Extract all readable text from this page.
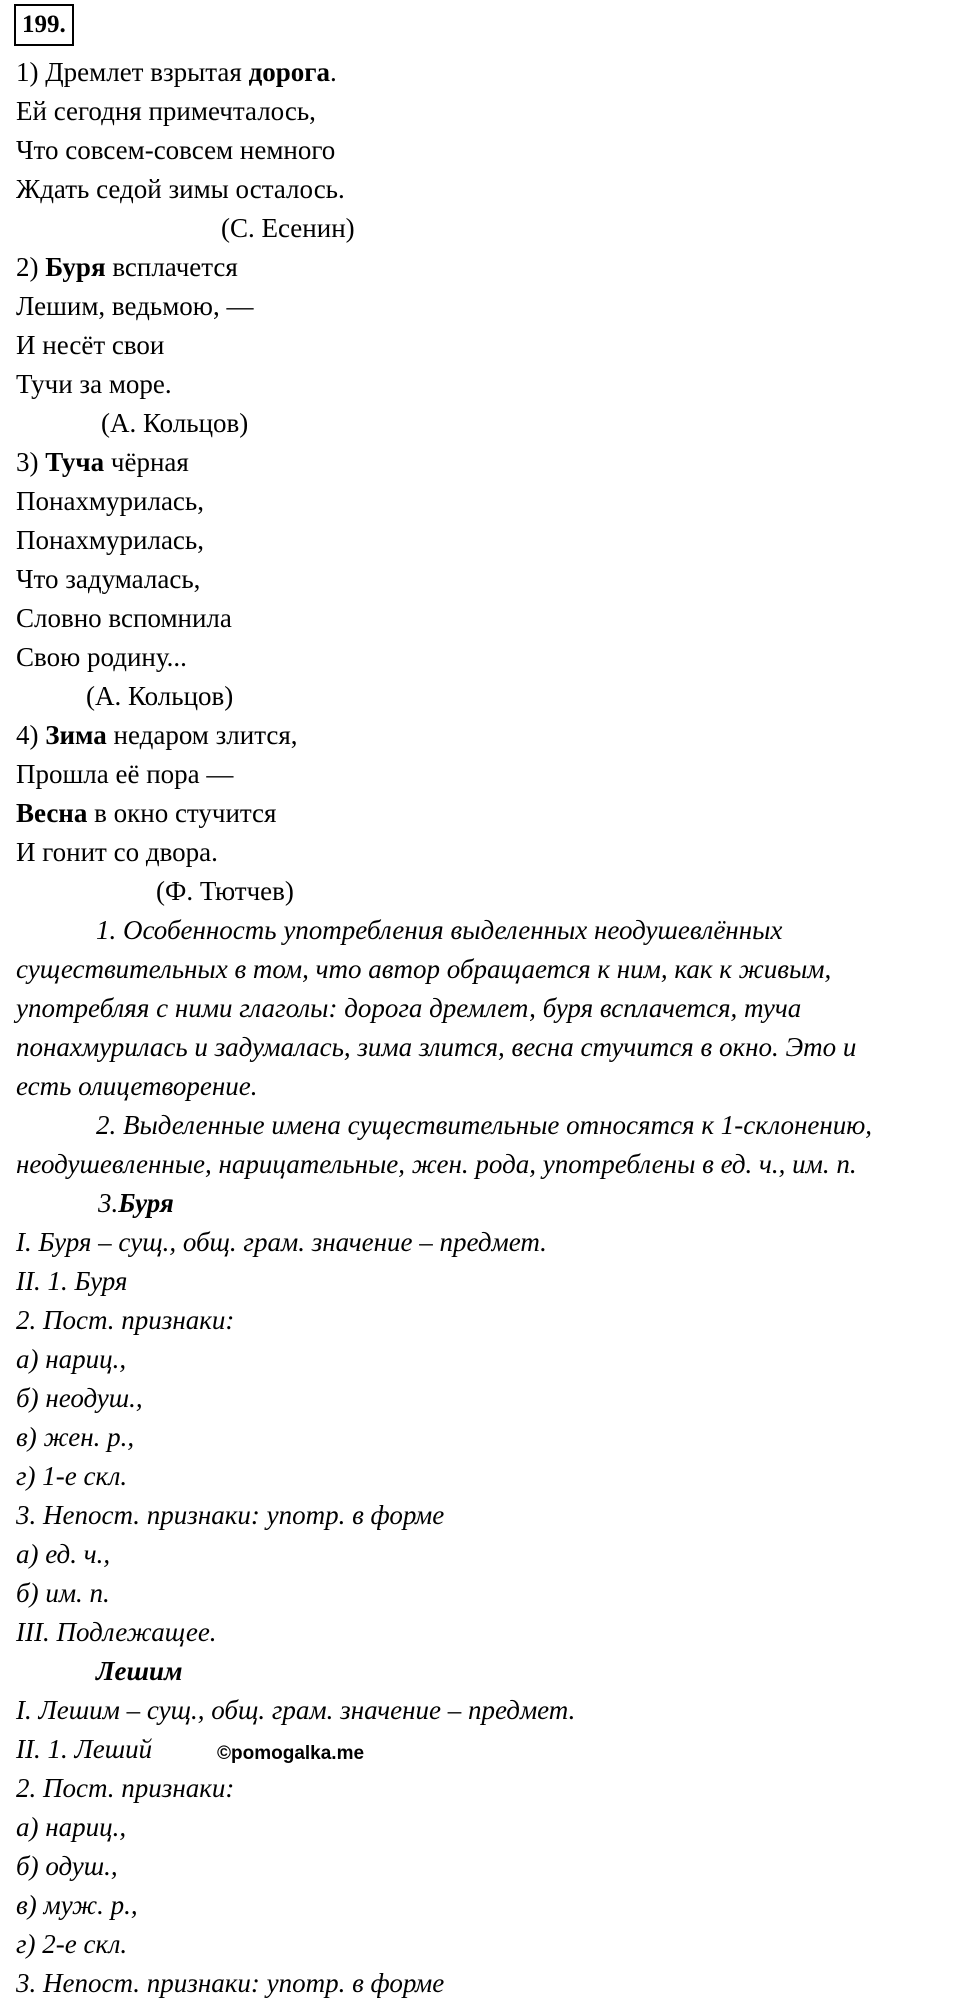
199.
1) Дремлет взрытая дорога.
Ей сегодня примечталось,
Что совсем-совсем немного
Ждать седой зимы осталось.
(С. Есенин)
2) Буря всплачется
Лешим, ведьмою, —
И несёт свои
Тучи за море.
(А. Кольцов)
3) Туча чёрная
Понахмурилась,
Понахмурилась,
Что задумалась,
Словно вспомнила
Свою родину...
(А. Кольцов)
4) Зима недаром злится,
Прошла её пора —
Весна в окно стучится
И гонит со двора.
(Ф. Тютчев)
1. Особенность употребления выделенных неодушевлённых
существительных в том, что автор обращается к ним, как к живым,
употребляя с ними глаголы: дорога дремлет, буря всплачется, туча
понахмурилась и задумалась, зима злится, весна стучится в окно. Это и
есть олицетворение.
2. Выделенные имена существительные относятся к 1-склонению,
неодушевленные, нарицательные, жен. рода, употреблены в ед. ч., им. п.
3.Буря
I. Буря – сущ., общ. грам. значение – предмет.
II. 1. Буря
2. Пост. признаки:
а) нариц.,
б) неодуш.,
в) жен. р.,
г) 1-е скл.
3. Непост. признаки: употр. в форме
а) ед. ч.,
б) им. п.
III. Подлежащее.
Лешим
I. Лешим – сущ., общ. грам. значение – предмет.
II. 1. Леший
2. Пост. признаки:
а) нариц.,
б) одуш.,
в) муж. р.,
г) 2-е скл.
3. Непост. признаки: употр. в форме
©pomogalka.me
